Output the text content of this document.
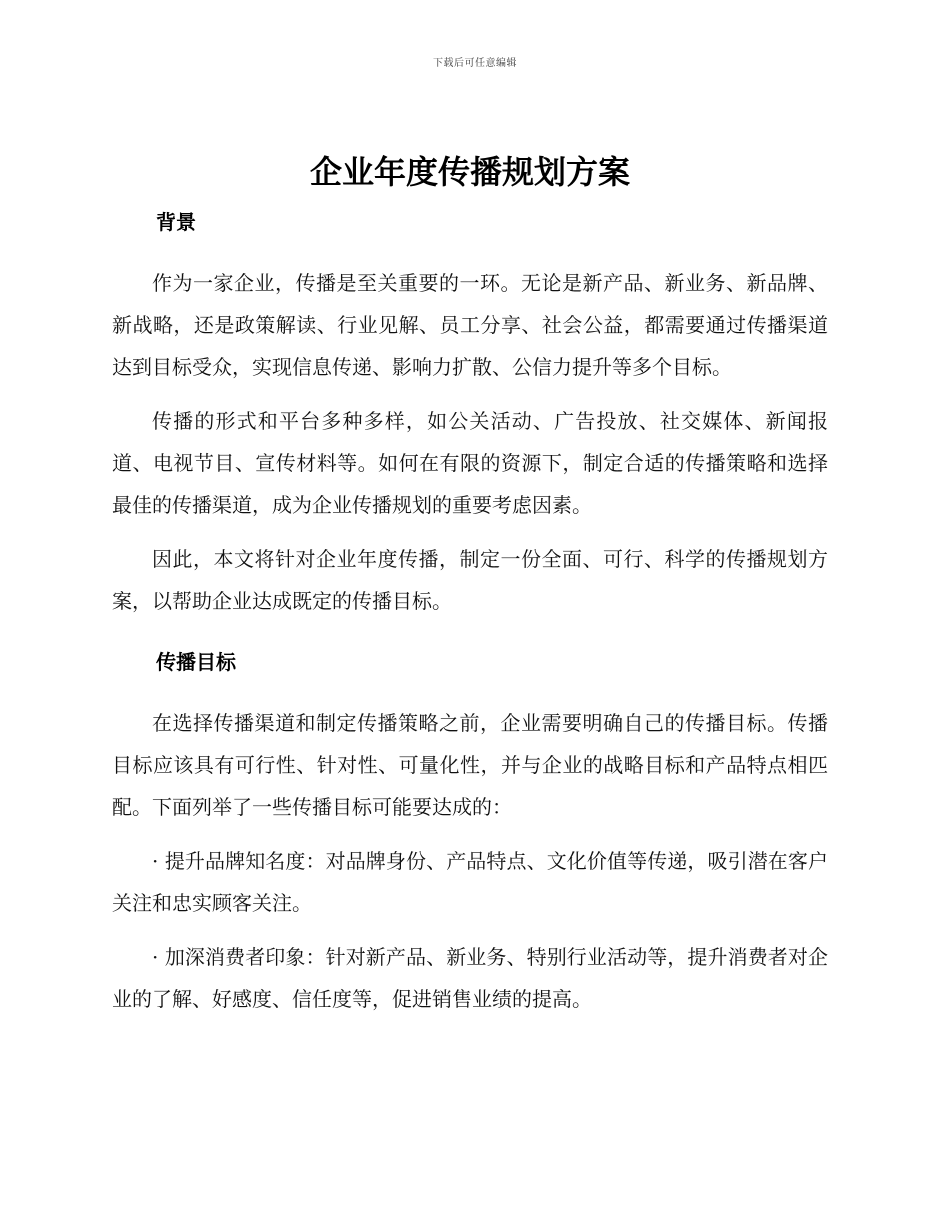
下载后可任意编辑
企业年度传播规划方案
背景

作为一家企业，传播是至关重要的一环。无论是新产品、新业务、新品牌、新战略，还是政策解读、行业见解、员工分享、社会公益，都需要通过传播渠道达到目标受众，实现信息传递、影响力扩散、公信力提升等多个目标。

传播的形式和平台多种多样，如公关活动、广告投放、社交媒体、新闻报道、电视节目、宣传材料等。如何在有限的资源下，制定合适的传播策略和选择最佳的传播渠道，成为企业传播规划的重要考虑因素。

因此，本文将针对企业年度传播，制定一份全面、可行、科学的传播规划方案，以帮助企业达成既定的传播目标。

传播目标

在选择传播渠道和制定传播策略之前，企业需要明确自己的传播目标。传播目标应该具有可行性、针对性、可量化性，并与企业的战略目标和产品特点相匹配。下面列举了一些传播目标可能要达成的：

· 提升品牌知名度：对品牌身份、产品特点、文化价值等传递，吸引潜在客户关注和忠实顾客关注。

· 加深消费者印象：针对新产品、新业务、特别行业活动等，提升消费者对企业的了解、好感度、信任度等，促进销售业绩的提高。
